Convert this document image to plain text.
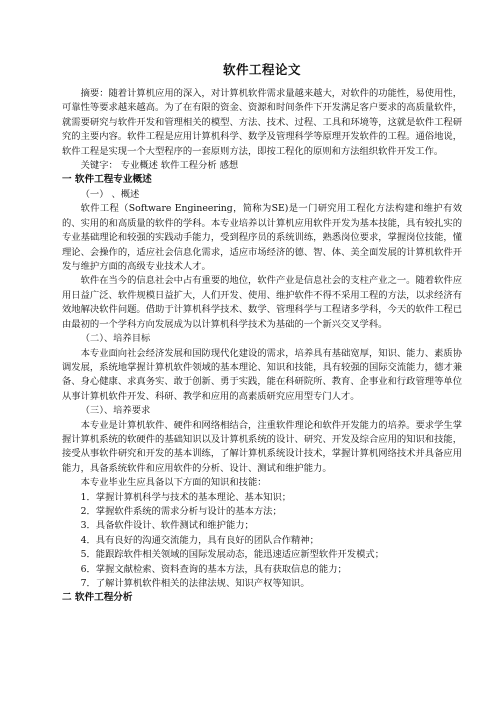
软件工程论文

摘要：随着计算机应用的深入，对计算机软件需求量越来越大，对软件的功能性，易使用性，可靠性等要求越来越高。为了在有限的资金、资源和时间条件下开发满足客户要求的高质量软件，就需要研究与软件开发和管理相关的模型、方法、技术、过程、工具和环境等，这就是软件工程研究的主要内容。软件工程是应用计算机科学、数学及管理科学等原理开发软件的工程。通俗地说，软件工程是实现一个大型程序的一套原则方法，即按工程化的原则和方法组织软件开发工作。

关键字： 专业概述 软件工程分析 感想

一 软件工程专业概述

（一） 、概述

软件工程（Software Engineering，简称为SE)是一门研究用工程化方法构建和维护有效的、实用的和高质量的软件的学科。本专业培养以计算机应用软件开发为基本技能，具有较扎实的专业基础理论和较强的实践动手能力，受到程序员的系统训练，熟悉岗位要求，掌握岗位技能，懂理论、会操作的，适应社会信息化需求，适应市场经济的德、智、体、美全面发展的计算机软件开发与维护方面的高级专业技术人才。

软件在当今的信息社会中占有重要的地位，软件产业是信息社会的支柱产业之一。随着软件应用日益广泛、软件规模日益扩大，人们开发、使用、维护软件不得不采用工程的方法，以求经济有效地解决软件问题。借助于计算机科学技术、数学、管理科学与工程诸多学科，今天的软件工程已由最初的一个学科方向发展成为以计算机科学技术为基础的一个新兴交叉学科。

（二）、培养目标

本专业面向社会经济发展和国防现代化建设的需求，培养具有基础宽厚，知识、能力、素质协调发展，系统地掌握计算机软件领域的基本理论、知识和技能，具有较强的国际交流能力，德才兼备、身心健康、求真务实、敢于创新、勇于实践，能在科研院所、教育、企事业和行政管理等单位从事计算机软件开发、科研、教学和应用的高素质研究应用型专门人才。

（三）、培养要求

本专业是计算机软件、硬件和网络相结合，注重软件理论和软件开发能力的培养。要求学生掌握计算机系统的软硬件的基础知识以及计算机系统的设计、研究、开发及综合应用的知识和技能，接受从事软件研究和开发的基本训练，了解计算机系统设计技术，掌握计算机网络技术并具备应用能力，具备系统软件和应用软件的分析、设计、测试和维护能力。

本专业毕业生应具备以下方面的知识和技能：

1．掌握计算机科学与技术的基本理论、基本知识；
2．掌握软件系统的需求分析与设计的基本方法；
3．具备软件设计、软件测试和维护能力；
4．具有良好的沟通交流能力，具有良好的团队合作精神；
5．能跟踪软件相关领域的国际发展动态，能迅速适应新型软件开发模式；
6．掌握文献检索、资料查询的基本方法，具有获取信息的能力；
7．了解计算机软件相关的法律法规、知识产权等知识。

二 软件工程分析
